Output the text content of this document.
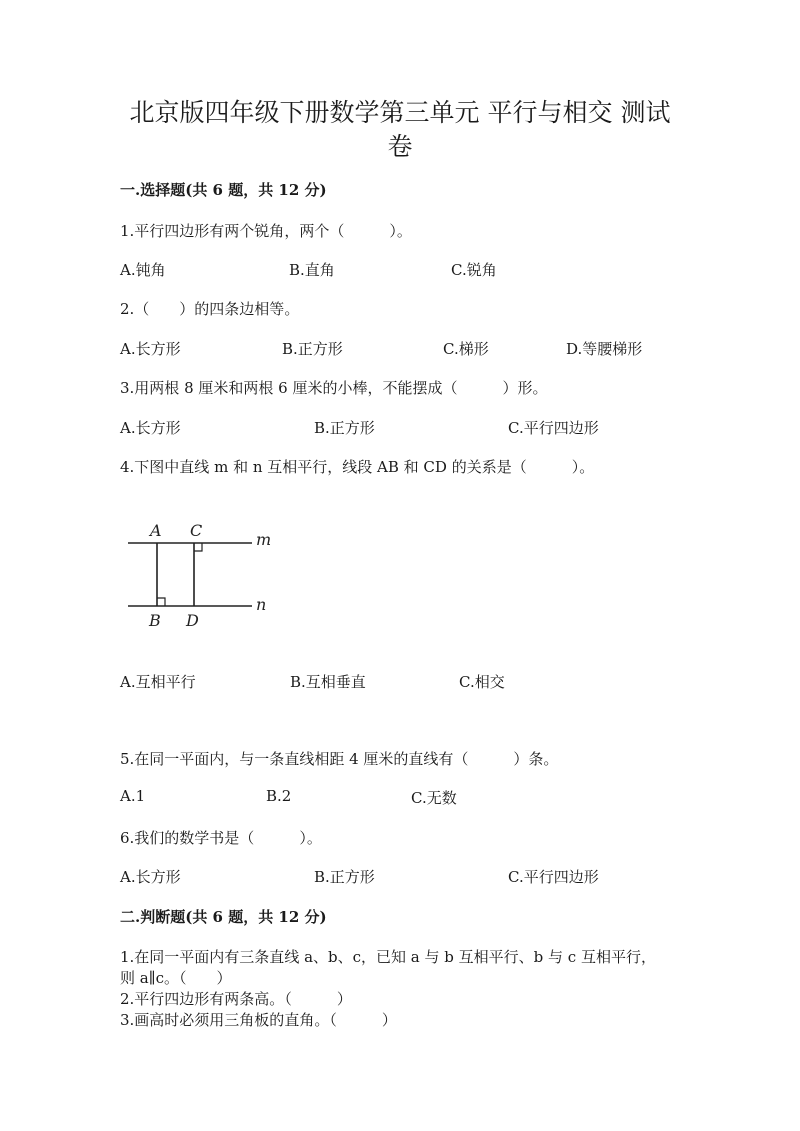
北京版四年级下册数学第三单元 平行与相交 测试
卷
一.选择题(共 6 题，共 12 分)
1.平行四边形有两个锐角，两个（　　　）。
A.钝角	B.直角	C.锐角
2.（　　）的四条边相等。
A.长方形	B.正方形	C.梯形	D.等腰梯形
3.用两根 8 厘米和两根 6 厘米的小棒，不能摆成（　　　）形。
A.长方形	B.正方形	C.平行四边形
4.下图中直线 m 和 n 互相平行，线段 AB 和 CD 的关系是（　　　）。
A C	m
B D
n
A.互相平行	B.互相垂直	C.相交
5.在同一平面内，与一条直线相距 4 厘米的直线有（　　　）条。
A.1	B.2	C.无数
6.我们的数学书是（　　　）。
A.长方形	B.正方形	C.平行四边形
二.判断题(共 6 题，共 12 分)
1.在同一平面内有三条直线 a、b、c，已知 a 与 b 互相平行、b 与 c 互相平行，
则 a∥c。（　　）
2.平行四边形有两条高。（　　　）
3.画高时必须用三角板的直角。（　　　）
